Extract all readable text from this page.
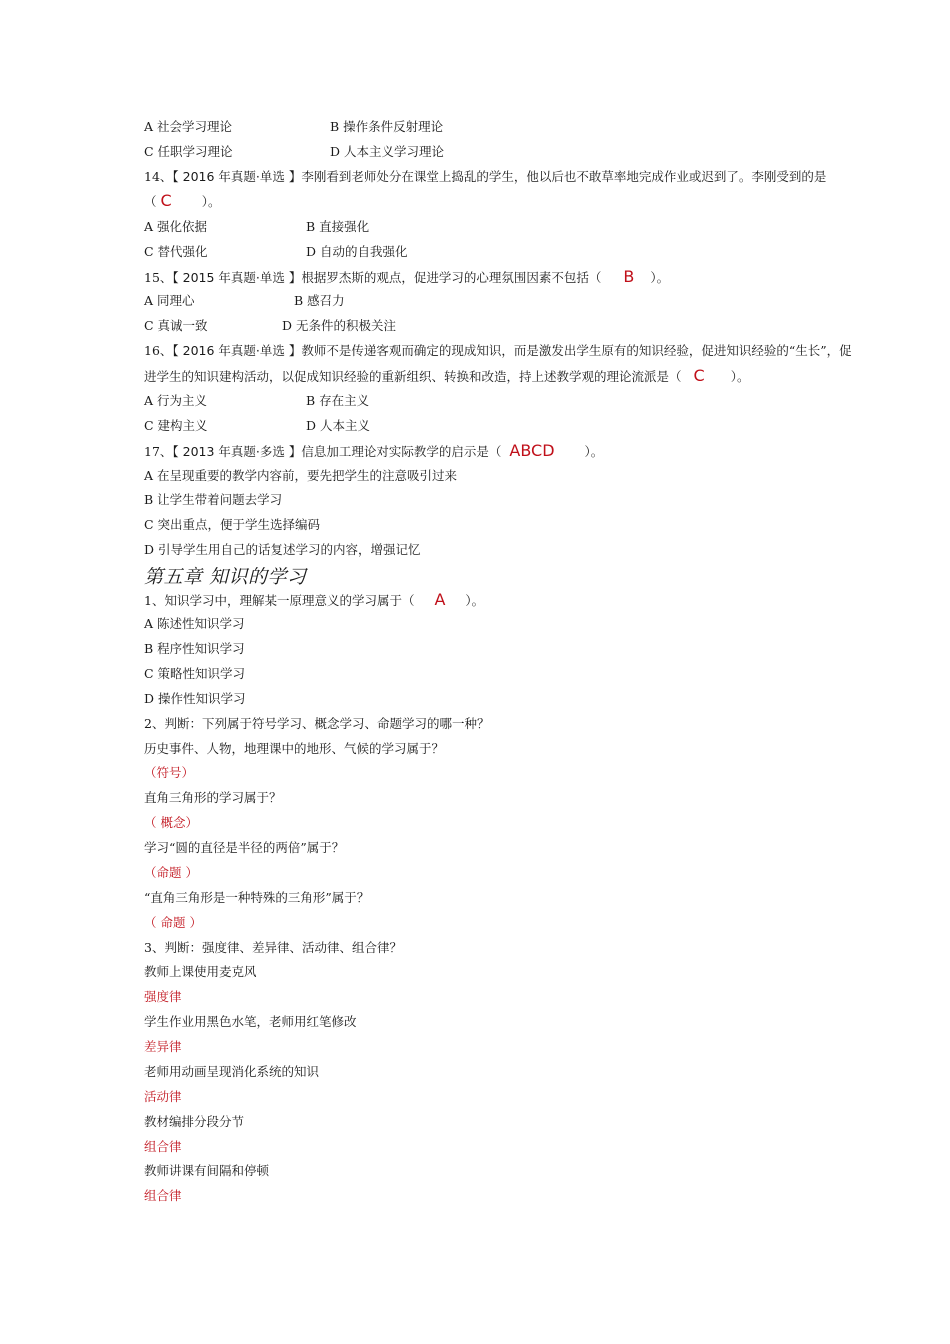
A 社会学习理论	B 操作条件反射理论
C 任职学习理论	D 人本主义学习理论
14、【 2016 年真题·单选 】李刚看到老师处分在课堂上捣乱的学生，他以后也不敢草率地完成作业或迟到了。李刚受到的是
（ C ）。
A 强化依据	B 直接强化
C 替代强化	D 自动的自我强化
15、【 2015 年真题·单选 】根据罗杰斯的观点，促进学习的心理氛围因素不包括（ B ）。
A 同理心	B 感召力
C 真诚一致	D 无条件的积极关注
16、【 2016 年真题·单选 】教师不是传递客观而确定的现成知识，而是激发出学生原有的知识经验，促进知识经验的“生长”，促
进学生的知识建构活动，以促成知识经验的重新组织、转换和改造，持上述教学观的理论流派是（ C ）。
A 行为主义	B 存在主义
C 建构主义	D 人本主义
17、【 2013 年真题·多选 】信息加工理论对实际教学的启示是（ ABCD ）。
A 在呈现重要的教学内容前，要先把学生的注意吸引过来
B 让学生带着问题去学习
C 突出重点，便于学生选择编码
D 引导学生用自己的话复述学习的内容，增强记忆
第五章 知识的学习
1、知识学习中，理解某一原理意义的学习属于（ A ）。
A 陈述性知识学习
B 程序性知识学习
C 策略性知识学习
D 操作性知识学习
2、判断：下列属于符号学习、概念学习、命题学习的哪一种？
历史事件、人物，地理课中的地形、气候的学习属于？
（符号）
直角三角形的学习属于？
（ 概念）
学习“圆的直径是半径的两倍”属于？
（命题 ）
“直角三角形是一种特殊的三角形”属于？
（ 命题 ）
3、判断：强度律、差异律、活动律、组合律？
教师上课使用麦克风
强度律
学生作业用黑色水笔，老师用红笔修改
差异律
老师用动画呈现消化系统的知识
活动律
教材编排分段分节
组合律
教师讲课有间隔和停顿
组合律
